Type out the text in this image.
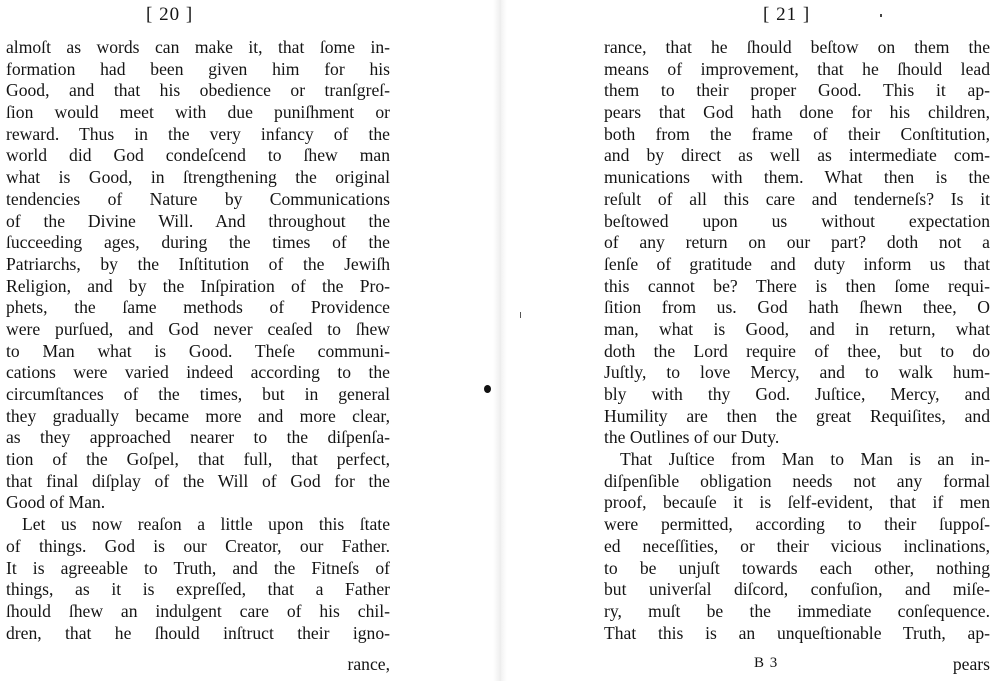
[ 20 ]
almoſt as words can make it, that ſome in-
formation had been given him for his
Good, and that his obedience or tranſgreſ-
ſion would meet with due puniſhment or
reward. Thus in the very infancy of the
world did God condeſcend to ſhew man
what is Good, in ſtrengthening the original
tendencies of Nature by Communications
of the Divine Will. And throughout the
ſucceeding ages, during the times of the
Patriarchs, by the Inſtitution of the Jewiſh
Religion, and by the Inſpiration of the Pro-
phets, the ſame methods of Providence
were purſued, and God never ceaſed to ſhew
to Man what is Good. Theſe communi-
cations were varied indeed according to the
circumſtances of the times, but in general
they gradually became more and more clear,
as they approached nearer to the diſpenſa-
tion of the Goſpel, that full, that perfect,
that final diſplay of the Will of God for the
Good of Man.
Let us now reaſon a little upon this ſtate
of things. God is our Creator, our Father.
It is agreeable to Truth, and the Fitneſs of
things, as it is expreſſed, that a Father
ſhould ſhew an indulgent care of his chil-
dren, that he ſhould inſtruct their igno-
rance,
[ 21 ]
rance, that he ſhould beſtow on them the
means of improvement, that he ſhould lead
them to their proper Good. This it ap-
pears that God hath done for his children,
both from the frame of their Conſtitution,
and by direct as well as intermediate com-
munications with them. What then is the
reſult of all this care and tenderneſs? Is it
beſtowed upon us without expectation
of any return on our part? doth not a
ſenſe of gratitude and duty inform us that
this cannot be? There is then ſome requi-
ſition from us. God hath ſhewn thee, O
man, what is Good, and in return, what
doth the Lord require of thee, but to do
Juſtly, to love Mercy, and to walk hum-
bly with thy God. Juſtice, Mercy, and
Humility are then the great Requiſites, and
the Outlines of our Duty.
That Juſtice from Man to Man is an in-
diſpenſible obligation needs not any formal
proof, becauſe it is ſelf-evident, that if men
were permitted, according to their ſuppoſ-
ed neceſſities, or their vicious inclinations,
to be unjuſt towards each other, nothing
but univerſal diſcord, confuſion, and miſe-
ry, muſt be the immediate conſequence.
That this is an unqueſtionable Truth, ap-
B 3	pears
